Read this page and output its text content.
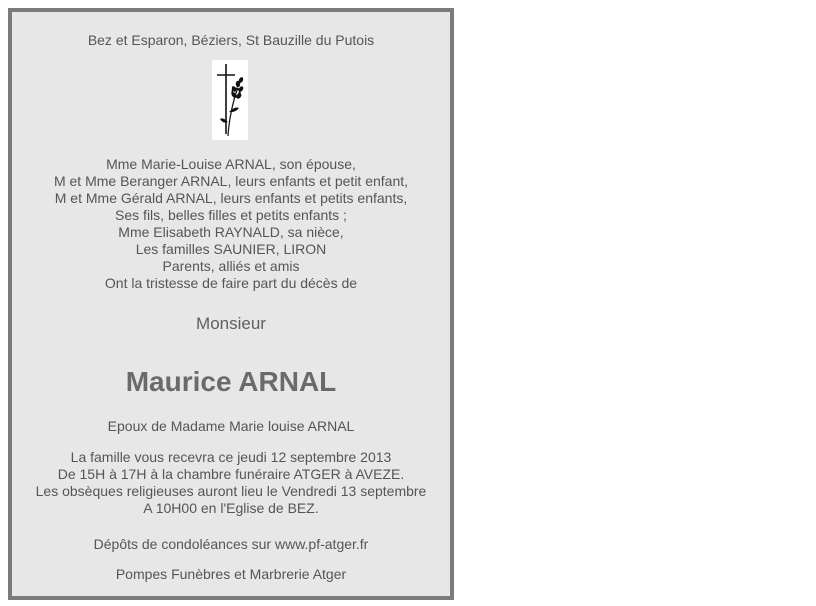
Bez et Esparon, Béziers, St Bauzille du Putois
Mme Marie-Louise ARNAL, son épouse,
M et Mme Beranger ARNAL, leurs enfants et petit enfant,
M et Mme Gérald ARNAL, leurs enfants et petits enfants,
Ses fils, belles filles et petits enfants ;
Mme Elisabeth RAYNALD, sa nièce,
Les familles SAUNIER, LIRON
Parents, alliés et amis
Ont la tristesse de faire part du décès de
Monsieur
Maurice ARNAL
Epoux de Madame Marie louise ARNAL
La famille vous recevra ce jeudi 12 septembre 2013
De 15H à 17H à la chambre funéraire ATGER à AVEZE.
Les obsèques religieuses auront lieu le Vendredi 13 septembre
A 10H00 en l'Eglise de BEZ.
Dépôts de condoléances sur www.pf-atger.fr
Pompes Funèbres et Marbrerie Atger
